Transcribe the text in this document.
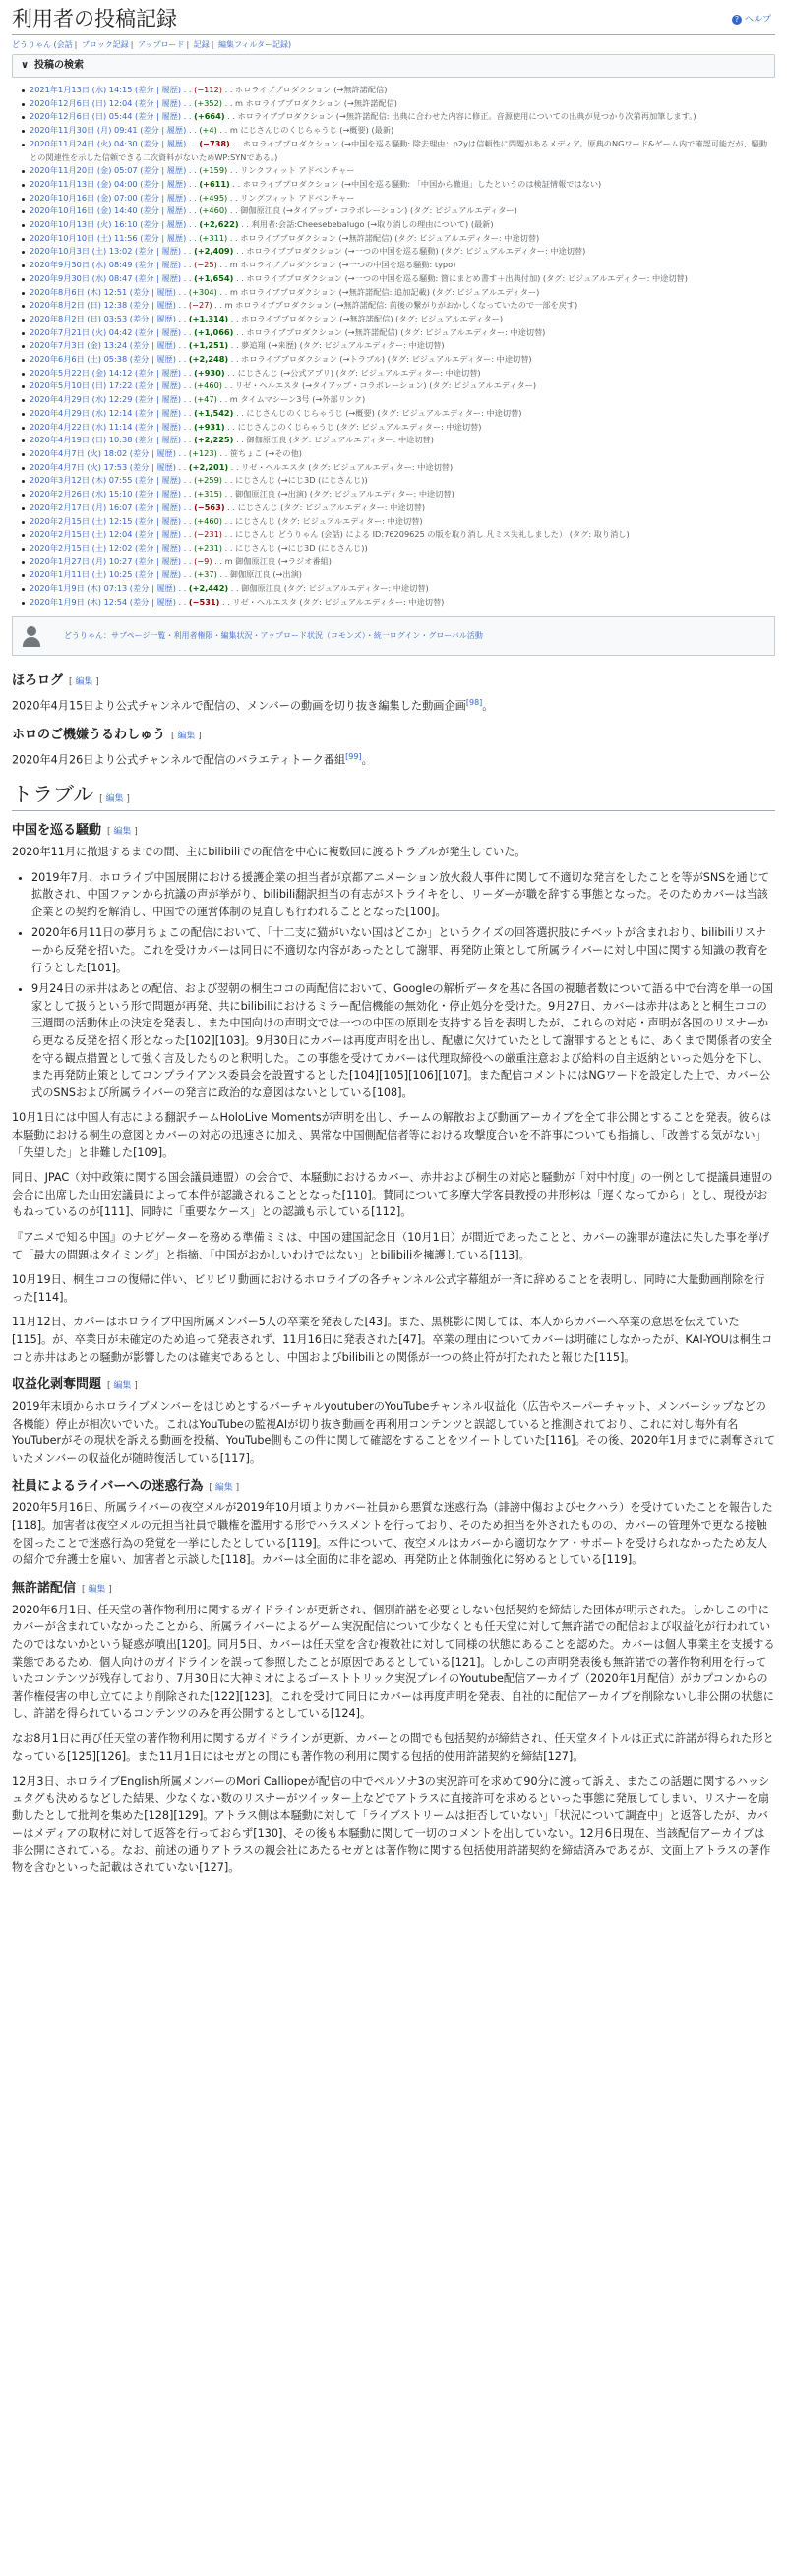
利用者の投稿記録	? ヘルプ
どうりゃん (会話 | ブロック記録 | アップロード | 記録 | 編集フィルター記録)
∨ 投稿の検索
2021年1月13日 (水) 14:15 (差分 | 履歴) . . (−112) . . ホロライブプロダクション (→無許諾配信)
2020年12月6日 (日) 12:04 (差分 | 履歴) . . (+352) . . m ホロライブプロダクション (→無許諾配信)
2020年12月6日 (日) 05:44 (差分 | 履歴) . . (+664) . . ホロライブプロダクション (→無許諾配信: 出典に合わせた内容に修正。音源使用についての出典が見つかり次第再加筆します。)
2020年11月30日 (月) 09:41 (差分 | 履歴) . . (+4) . . m にじさんじのくじらゃうじ (→概要) (最新)
2020年11月24日 (火) 04:30 (差分 | 履歴) . . (−738) . . ホロライブプロダクション (→中国を巡る騒動: 除去理由：p2yは信頼性に問題があるメディア。原典のNGワード&ゲーム内で確認可能だが、騒動との関連性を示した信頼できる二次資料がないためWP:SYNである。)
2020年11月20日 (金) 05:07 (差分 | 履歴) . . (+159) . . リンクフィット アドベンチャー
2020年11月13日 (金) 04:00 (差分 | 履歴) . . (+611) . . ホロライブプロダクション (→中国を巡る騒動: 「中国から撤退」したというのは検証情報ではない)
2020年10月16日 (金) 07:00 (差分 | 履歴) . . (+495) . . リングフィット アドベンチャー
2020年10月16日 (金) 14:40 (差分 | 履歴) . . (+460) . . 御伽原江良 (→タイアップ・コラボレーション) (タグ: ビジュアルエディター)
2020年10月13日 (火) 16:10 (差分 | 履歴) . . (+2,622) . . 利用者:会話:Cheesebebalugo (→取り消しの理由について) (最新)
2020年10月10日 (土) 11:56 (差分 | 履歴) . . (+311) . . ホロライブプロダクション (→無許諾配信) (タグ: ビジュアルエディター: 中途切替)
2020年10月3日 (土) 13:02 (差分 | 履歴) . . (+2,409) . . ホロライブプロダクション (→一つの中国を巡る騒動) (タグ: ビジュアルエディター: 中途切替)
2020年9月30日 (水) 08:49 (差分 | 履歴) . . (−25) . . m ホロライブプロダクション (→一つの中国を巡る騒動: typo)
2020年9月30日 (水) 08:47 (差分 | 履歴) . . (+1,654) . . ホロライブプロダクション (→一つの中国を巡る騒動: 箇にまとめ書す＋出典付加) (タグ: ビジュアルエディター: 中途切替)
2020年8月6日 (木) 12:51 (差分 | 履歴) . . (+304) . . m ホロライブプロダクション (→無許諾配信: 追加記載) (タグ: ビジュアルエディター)
2020年8月2日 (日) 12:38 (差分 | 履歴) . . (−27) . . m ホロライブプロダクション (→無許諾配信: 前後の繋がりがおかしくなっていたので一部を戻す)
2020年8月2日 (日) 03:53 (差分 | 履歴) . . (+1,314) . . ホロライブプロダクション (→無許諾配信) (タグ: ビジュアルエディター)
2020年7月21日 (火) 04:42 (差分 | 履歴) . . (+1,066) . . ホロライブプロダクション (→無許諾配信) (タグ: ビジュアルエディター: 中途切替)
2020年7月3日 (金) 13:24 (差分 | 履歴) . . (+1,251) . . 夢追翔 (→来歴) (タグ: ビジュアルエディター: 中途切替)
2020年6月6日 (土) 05:38 (差分 | 履歴) . . (+2,248) . . ホロライブプロダクション (→トラブル) (タグ: ビジュアルエディター: 中途切替)
2020年5月22日 (金) 14:12 (差分 | 履歴) . . (+930) . . にじさんじ (→公式アプリ) (タグ: ビジュアルエディター: 中途切替)
2020年5月10日 (日) 17:22 (差分 | 履歴) . . (+460) . . リゼ・ヘルエスタ (→タイアップ・コラボレーション) (タグ: ビジュアルエディター)
2020年4月29日 (水) 12:29 (差分 | 履歴) . . (+47) . . m タイムマシーン3号 (→外部リンク)
2020年4月29日 (水) 12:14 (差分 | 履歴) . . (+1,542) . . にじさんじのくじらゃうじ (→概要) (タグ: ビジュアルエディター: 中途切替)
2020年4月22日 (水) 11:14 (差分 | 履歴) . . (+931) . . にじさんじのくじらゃうじ (タグ: ビジュアルエディター: 中途切替)
2020年4月19日 (日) 10:38 (差分 | 履歴) . . (+2,225) . . 御伽原江良 (タグ: ビジュアルエディター: 中途切替)
2020年4月7日 (火) 18:02 (差分 | 履歴) . . (+123) . . 笹ちょこ (→その他)
2020年4月7日 (火) 17:53 (差分 | 履歴) . . (+2,201) . . リゼ・ヘルエスタ (タグ: ビジュアルエディター: 中途切替)
2020年3月12日 (木) 07:55 (差分 | 履歴) . . (+259) . . にじさんじ (→にじ3D (にじさんじ))
2020年2月26日 (水) 15:10 (差分 | 履歴) . . (+315) . . 御伽原江良 (→出演) (タグ: ビジュアルエディター: 中途切替)
2020年2月17日 (月) 16:07 (差分 | 履歴) . . (−563) . . にじさんじ (タグ: ビジュアルエディター: 中途切替)
2020年2月15日 (土) 12:15 (差分 | 履歴) . . (+460) . . にじさんじ (タグ: ビジュアルエディター: 中途切替)
2020年2月15日 (土) 12:04 (差分 | 履歴) . . (−231) . . にじさんじ どうりゃん (会話) による ID:76209625 の版を取り消し 凡ミス失礼しました） (タグ: 取り消し)
2020年2月15日 (土) 12:02 (差分 | 履歴) . . (+231) . . にじさんじ (→にじ3D (にじさんじ))
2020年1月27日 (月) 10:27 (差分 | 履歴) . . (−9) . . m 御伽原江良 (→ラジオ番組)
2020年1月11日 (土) 10:25 (差分 | 履歴) . . (+37) . . 御伽原江良 (→出演)
2020年1月9日 (木) 07:13 (差分 | 履歴) . . (+2,442) . . 御伽原江良 (タグ: ビジュアルエディター: 中途切替)
2020年1月9日 (木) 12:54 (差分 | 履歴) . . (−531) . . リゼ・ヘルエスタ (タグ: ビジュアルエディター: 中途切替)
どうりゃん：サブページ一覧・利用者権限・編集状況・アップロード状況（コモンズ）・統一ログイン・グローバル活動
ほろログ [ 編集 ]

2020年4月15日より公式チャンネルで配信の、メンバーの動画を切り抜き編集した動画企画[98]。

ホロのご機嫌うるわしゅう [ 編集 ]

2020年4月26日より公式チャンネルで配信のバラエティトーク番組[99]。

トラブル [ 編集 ]
中国を巡る騒動 [ 編集 ]

2020年11月に撤退するまでの間、主にbilibiliでの配信を中心に複数回に渡るトラブルが発生していた。

• 2019年7月、ホロライブ中国展開における援護企業の担当者が京都アニメーション放火殺人事件に関して不適切な発言をしたことを等がSNSを通じて拡散され、中国ファンから抗議の声が挙がり、bilibili翻訳担当の有志がストライキをし、リーダーが職を辞する事態となった。そのためカバーは当該企業との契約を解消し、中国での運営体制の見直しも行われることとなった[100]。
• 2020年6月11日の夢月ちょこの配信において、「十二支に猫がいない国はどこか」というクイズの回答選択肢にチベットが含まれおり、bilibiliリスナーから反発を招いた。これを受けカバーは同日に不適切な内容があったとして謝罪、再発防止策として所属ライバーに対し中国に関する知識の教育を行うとした[101]。
• 9月24日の赤井はあとの配信、および翌朝の桐生ココの両配信において、Googleの解析データを基に各国の視聴者数について語る中で台湾を単一の国家として扱うという形で問題が再発、共にbilibiliにおけるミラー配信機能の無効化・停止処分を受けた。9月27日、カバーは赤井はあとと桐生ココの三週間の活動休止の決定を発表し、また中国向けの声明文では一つの中国の原則を支持する旨を表明したが、これらの対応・声明が各国のリスナーから更なる反発を招く形となった[102][103]。9月30日にカバーは再度声明を出し、配慮に欠けていたとして謝罪するとともに、あくまで関係者の安全を守る観点措置として強く言及したものと釈明した。この事態を受けてカバーは代理取締役への厳重注意および給料の自主返納といった処分を下し、また再発防止策としてコンプライアンス委員会を設置するとした[104][105][106][107]。また配信コメントにはNGワードを設定した上で、カバー公式のSNSおよび所属ライバーの発言に政治的な意図はないとしている[108]。

10月1日には中国人有志による翻訳チームHoloLive Momentsが声明を出し、チームの解散および動画アーカイブを全て非公開とすることを発表。彼らは本騒動における桐生の意図とカバーの対応の迅速さに加え、異常な中国側配信者等における攻撃度合いを不許事についても指摘し、「改善する気がない」「失望した」と非難した[109]。

同日、JPAC（対中政策に関する国会議員連盟）の会合で、本騒動におけるカバー、赤井および桐生の対応と騒動が「対中忖度」の一例として提議員連盟の会合に出席した山田宏議員によって本件が認識されることとなった[110]。賛同について多摩大学客員教授の井形彬は「遅くなってから」とし、現役がおもねっているのが[111]、同時に「重要なケース」との認識も示している[112]。

『アニメで知る中国』のナビゲーターを務める準備ミミは、中国の建国記念日（10月1日）が間近であったことと、カバーの謝罪が違法に失した事を挙げて「最大の問題はタイミング」と指摘、「中国がおかしいわけではない」とbilibiliを擁護している[113]。

10月19日、桐生ココの復帰に伴い、ビリビリ動画におけるホロライブの各チャンネル公式字幕組が一斉に辞めることを表明し、同時に大量動画削除を行った[114]。

11月12日、カバーはホロライブ中国所属メンバー5人の卒業を発表した[43]。また、黒桃影に関しては、本人からカバーへ卒業の意思を伝えていた[115]。が、卒業日が未確定のため追って発表されず、11月16日に発表された[47]。卒業の理由についてカバーは明確にしなかったが、KAI-YOUは桐生ココと赤井はあとの騒動が影響したのは確実であるとし、中国およびbilibiliとの関係が一つの終止符が打たれたと報じた[115]。

収益化剥奪問題 [ 編集 ]

2019年末頃からホロライブメンバーをはじめとするバーチャルyoutuberのYouTubeチャンネル収益化（広告やスーパーチャット、メンバーシップなどの各機能）停止が相次いでいた。これはYouTubeの監視AIが切り抜き動画を再利用コンテンツと誤認していると推測されており、これに対し海外有名YouTuberがその現状を訴える動画を投稿、YouTube側もこの件に関して確認をすることをツイートしていた[116]。その後、2020年1月までに剥奪されていたメンバーの収益化が随時復活している[117]。

社員によるライバーへの迷惑行為 [ 編集 ]

2020年5月16日、所属ライバーの夜空メルが2019年10月頃よりカバー社員から悪質な迷惑行為（誹謗中傷およびセクハラ）を受けていたことを報告した[118]。加害者は夜空メルの元担当社員で職権を濫用する形でハラスメントを行っており、そのため担当を外されたものの、カバーの管理外で更なる接触を図ったことで迷惑行為の発覚を一挙にしたとしている[119]。本件について、夜空メルはカバーから適切なケア・サポートを受けられなかったため友人の紹介で弁護士を雇い、加害者と示談した[118]。カバーは全面的に非を認め、再発防止と体制強化に努めるとしている[119]。

無許諾配信 [ 編集 ]

2020年6月1日、任天堂の著作物利用に関するガイドラインが更新され、個別許諾を必要としない包括契約を締結した団体が明示された。しかしこの中にカバーが含まれていなかったことから、所属ライバーによるゲーム実況配信について少なくとも任天堂に対して無許諾での配信および収益化が行われていたのではないかという疑惑が噴出[120]。同月5日、カバーは任天堂を含む複数社に対して同様の状態にあることを認めた。カバーは個人事業主を支援する業態であるため、個人向けのガイドラインを誤って参照したことが原因であるとしている[121]。しかしこの声明発表後も無許諾での著作物利用を行っていたコンテンツが残存しており、7月30日に大神ミオによるゴーストトリック実況プレイのYoutube配信アーカイブ（2020年1月配信）がカプコンからの著作権侵害の申し立てにより削除された[122][123]。これを受けて同日にカバーは再度声明を発表、自社的に配信アーカイブを削除ないし非公開の状態にし、許諾を得られているコンテンツのみを再公開するとしている[124]。

なお8月1日に再び任天堂の著作物利用に関するガイドラインが更新、カバーとの間でも包括契約が締結され、任天堂タイトルは正式に許諾が得られた形となっている[125][126]。また11月1日にはセガとの間にも著作物の利用に関する包括的使用許諾契約を締結[127]。

12月3日、ホロライブEnglish所属メンバーのMori Calliopeが配信の中でペルソナ3の実況許可を求めて90分に渡って訴え、またこの話題に関するハッシュタグも決めるなどした結果、少なくない数のリスナーがツイッター上などでアトラスに直接許可を求めるといった事態に発展してしまい、リスナーを扇動したとして批判を集めた[128][129]。アトラス側は本騒動に対して「ライブストリームは拒否していない」「状況について調査中」と返答したが、カバーはメディアの取材に対して返答を行っておらず[130]、その後も本騒動に関して一切のコメントを出していない。12月6日現在、当該配信アーカイブは非公開にされている。なお、前述の通りアトラスの親会社にあたるセガとは著作物に関する包括使用許諾契約を締結済みであるが、文面上アトラスの著作物を含むといった記載はされていない[127]。
